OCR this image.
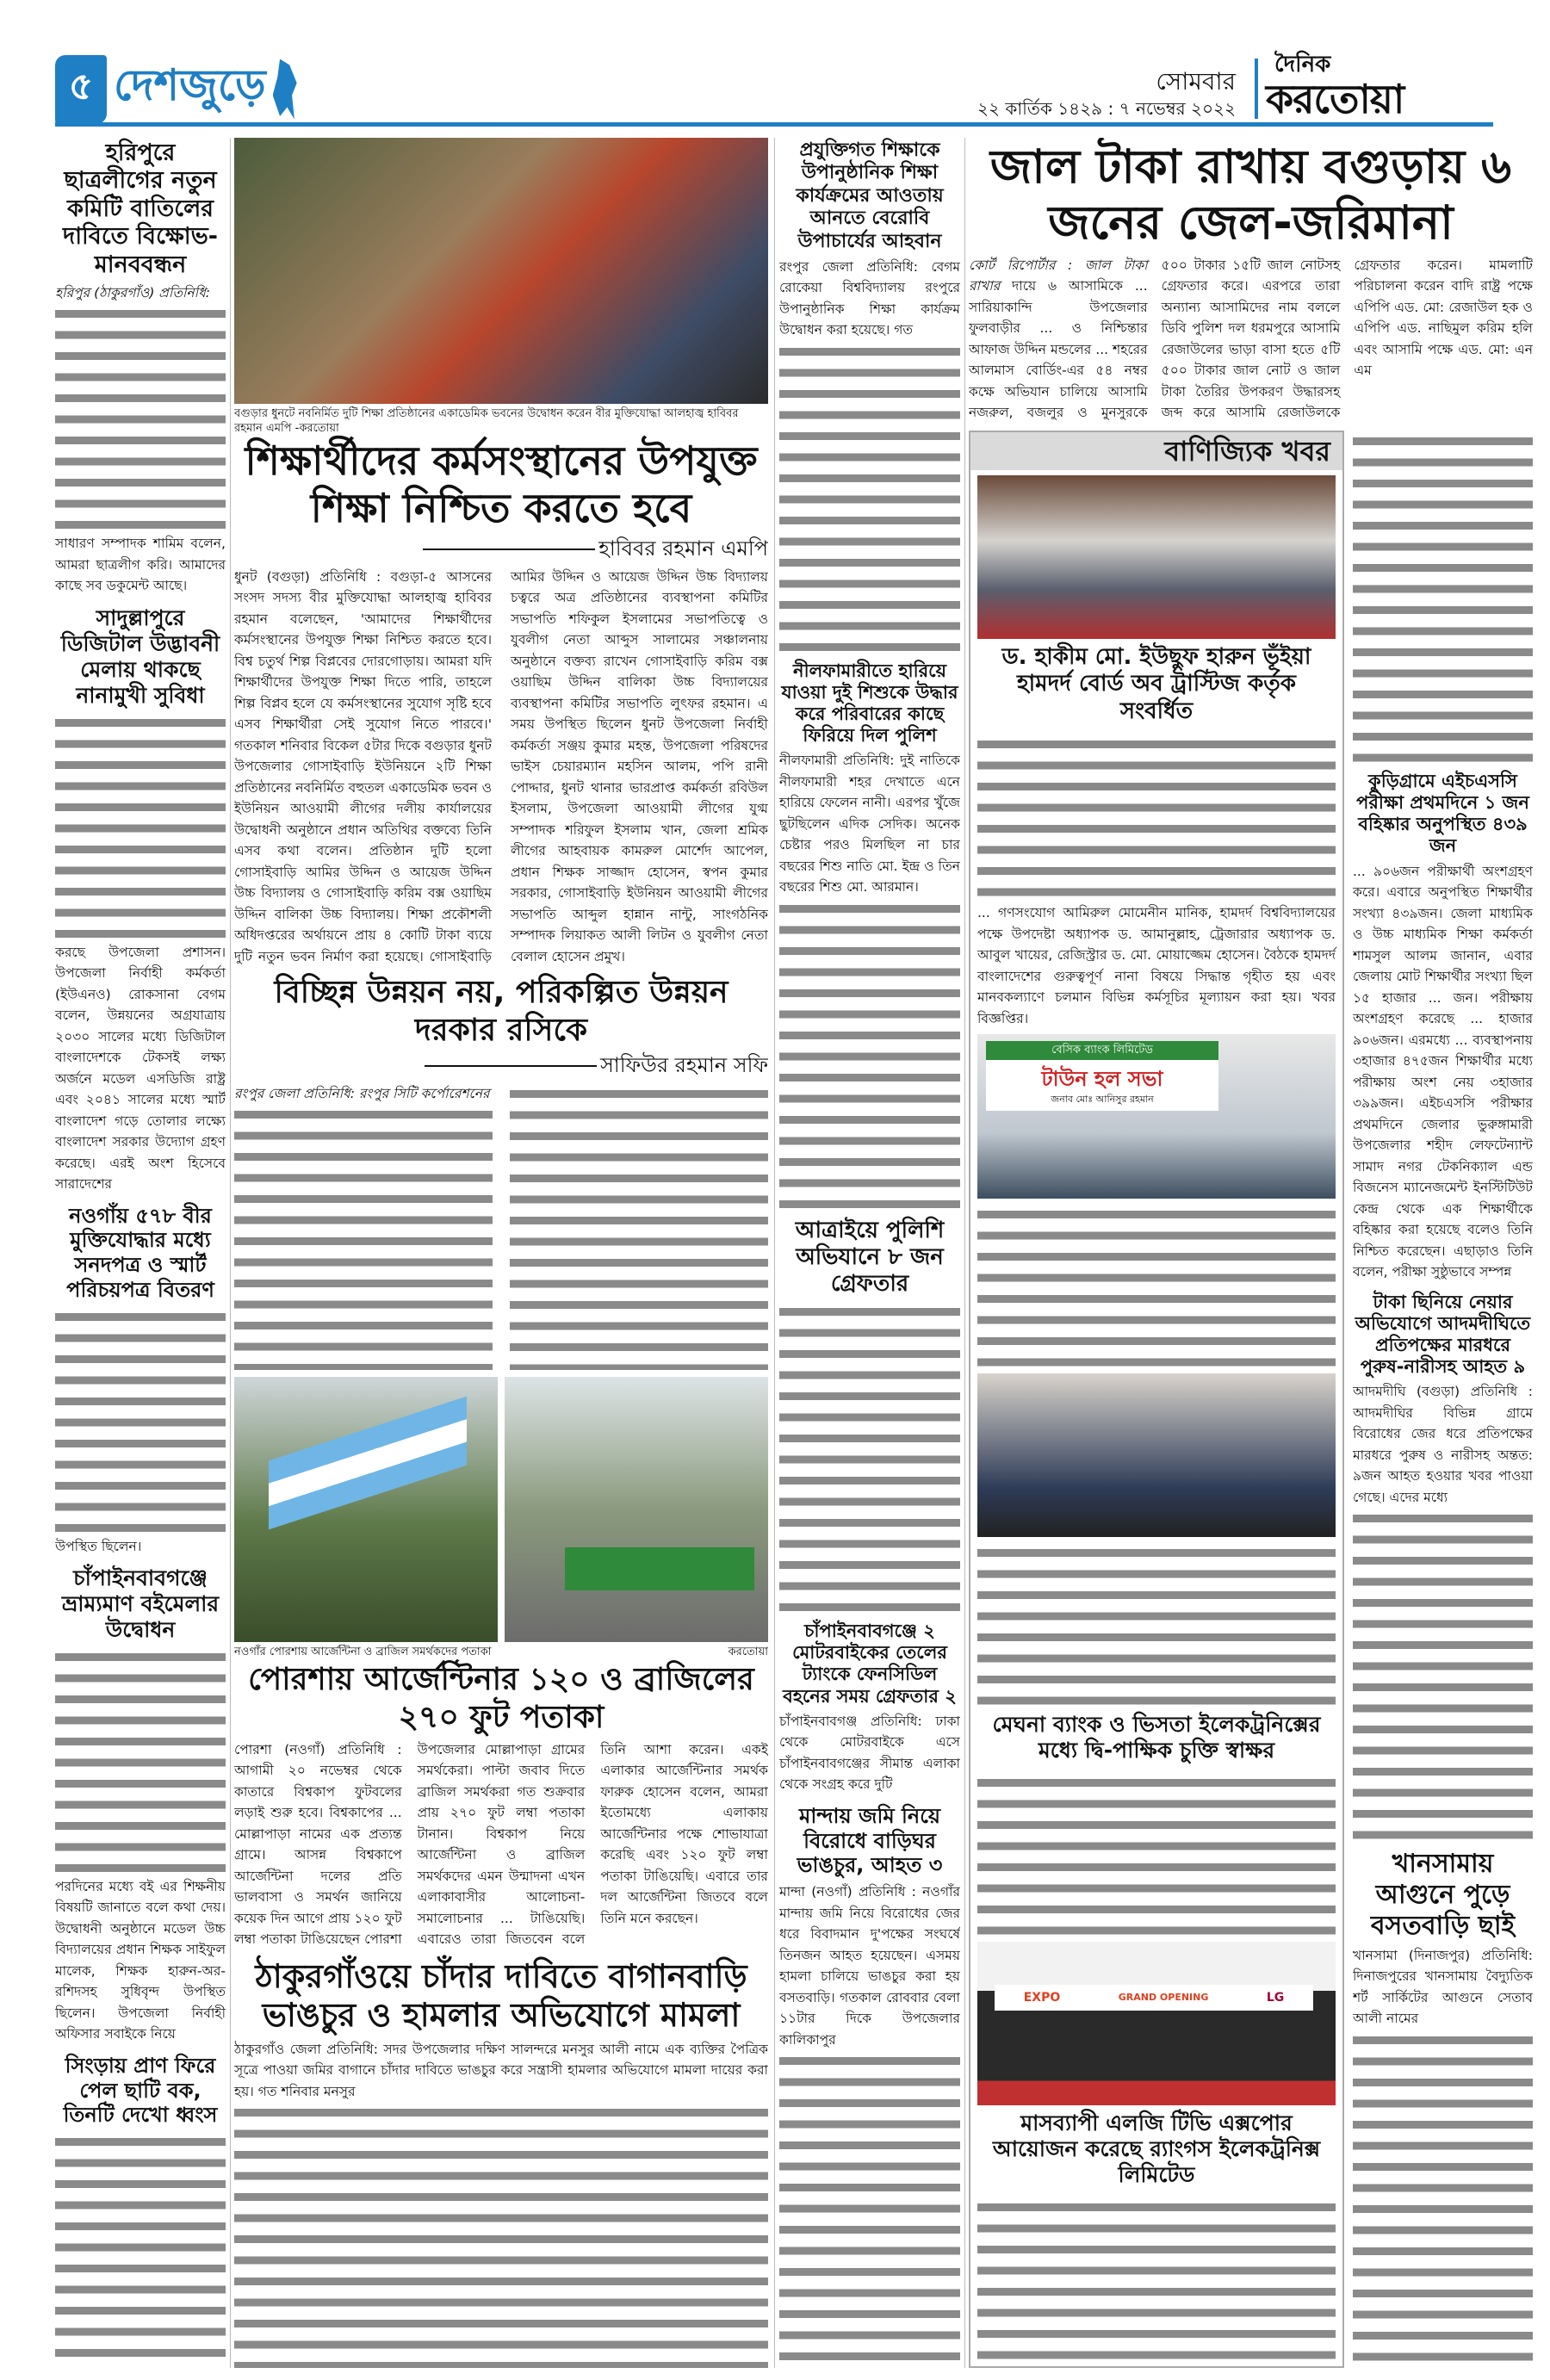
৫ দেশজুড়ে	সোমবার
২২ কার্তিক ১৪২৯ : ৭ নভেম্বর ২০২২
দৈনিক
করতোয়া
হরিপুরে ছাত্রলীগের নতুন কমিটি বাতিলের দাবিতে বিক্ষোভ-মানববন্ধন
হরিপুর (ঠাকুরগাঁও) প্রতিনিধি:
সাধারণ সম্পাদক শামিম বলেন, আমরা ছাত্রলীগ করি। আমাদের কাছে সব ডকুমেন্ট আছে।
সাদুল্লাপুরে ডিজিটাল উদ্ভাবনী মেলায় থাকছে নানামুখী সুবিধা
করছে উপজেলা প্রশাসন। উপজেলা নির্বাহী কর্মকর্তা (ইউএনও) রোকসানা বেগম বলেন, উন্নয়নের অগ্রযাত্রায় ২০৩০ সালের মধ্যে ডিজিটাল বাংলাদেশকে টেকসই লক্ষ্য অর্জনে মডেল এসডিজি রাষ্ট্র এবং ২০৪১ সালের মধ্যে স্মার্ট বাংলাদেশ গড়ে তোলার লক্ষ্যে বাংলাদেশ সরকার উদ্যোগ গ্রহণ করেছে। এরই অংশ হিসেবে সারাদেশের
নওগাঁয় ৫৭৮ বীর মুক্তিযোদ্ধার মধ্যে সনদপত্র ও স্মার্ট পরিচয়পত্র বিতরণ
উপস্থিত ছিলেন।
চাঁপাইনবাবগঞ্জে ভ্রাম্যমাণ বইমেলার উদ্বোধন
পরদিনের মধ্যে বই এর শিক্ষনীয় বিষয়টি জানাতে বলে কথা দেয়। উদ্বোধনী অনুষ্ঠানে মডেল উচ্চ বিদ্যালয়ের প্রধান শিক্ষক সাইফুল মালেক, শিক্ষক হারুন-অর-রশিদসহ সুধিবৃন্দ উপস্থিত ছিলেন। উপজেলা নির্বাহী অফিসার সবাইকে নিয়ে
সিংড়ায় প্রাণ ফিরে পেল ছাটি বক, তিনটি দেখো ধ্বংস
বগুড়ার ধুনটে নবনির্মিত দুটি শিক্ষা প্রতিষ্ঠানের একাডেমিক ভবনের উদ্বোধন করেন বীর মুক্তিযোদ্ধা আলহাজ্ব হাবিবর রহমান এমপি -করতোয়া
শিক্ষার্থীদের কর্মসংস্থানের উপযুক্ত শিক্ষা নিশ্চিত করতে হবে
হাবিবর রহমান এমপি
ধুনট (বগুড়া) প্রতিনিধি : বগুড়া-৫ আসনের সংসদ সদস্য বীর মুক্তিযোদ্ধা আলহাজ্ব হাবিবর রহমান বলেছেন, 'আমাদের শিক্ষার্থীদের কর্মসংস্থানের উপযুক্ত শিক্ষা নিশ্চিত করতে হবে। বিশ্ব চতুর্থ শিল্প বিপ্লবের দোরগোড়ায়। আমরা যদি শিক্ষার্থীদের উপযুক্ত শিক্ষা দিতে পারি, তাহলে শিল্প বিপ্লব হলে যে কর্মসংস্থানের সুযোগ সৃষ্টি হবে এসব শিক্ষার্থীরা সেই সুযোগ নিতে পারবে।' গতকাল শনিবার বিকেল ৫টার দিকে বগুড়ার ধুনট উপজেলার গোসাইবাড়ি ইউনিয়নে ২টি শিক্ষা প্রতিষ্ঠানের নবনির্মিত বহুতল একাডেমিক ভবন ও ইউনিয়ন আওয়ামী লীগের দলীয় কার্যালয়ের উদ্বোধনী অনুষ্ঠানে প্রধান অতিথির বক্তব্যে তিনি এসব কথা বলেন। প্রতিষ্ঠান দুটি হলো গোসাইবাড়ি আমির উদ্দিন ও আয়েজ উদ্দিন উচ্চ বিদ্যালয় ও গোসাইবাড়ি করিম বক্স ওয়াছিম উদ্দিন বালিকা উচ্চ বিদ্যালয়। শিক্ষা প্রকৌশলী অধিদপ্তরের অর্থায়নে প্রায় ৪ কোটি টাকা ব্যয়ে দুটি নতুন ভবন নির্মাণ করা হয়েছে। গোসাইবাড়ি আমির উদ্দিন ও আয়েজ উদ্দিন উচ্চ বিদ্যালয় চত্বরে অত্র প্রতিষ্ঠানের ব্যবস্থাপনা কমিটির সভাপতি শফিকুল ইসলামের সভাপতিত্বে ও যুবলীগ নেতা আব্দুস সালামের সঞ্চালনায় অনুষ্ঠানে বক্তব্য রাখেন গোসাইবাড়ি করিম বক্স ওয়াছিম উদ্দিন বালিকা উচ্চ বিদ্যালয়ের ব্যবস্থাপনা কমিটির সভাপতি লুৎফর রহমান। এ সময় উপস্থিত ছিলেন ধুনট উপজেলা নির্বাহী কর্মকর্তা সঞ্জয় কুমার মহন্ত, উপজেলা পরিষদের ভাইস চেয়ারম্যান মহসিন আলম, পপি রানী পোদ্দার, ধুনট থানার ভারপ্রাপ্ত কর্মকর্তা রবিউল ইসলাম, উপজেলা আওয়ামী লীগের যুগ্ম সম্পাদক শরিফুল ইসলাম খান, জেলা শ্রমিক লীগের আহবায়ক কামরুল মোর্শেদ আপেল, প্রধান শিক্ষক সাজ্জাদ হোসেন, স্বপন কুমার সরকার, গোসাইবাড়ি ইউনিয়ন আওয়ামী লীগের সভাপতি আব্দুল হান্নান নান্টু, সাংগঠনিক সম্পাদক লিয়াকত আলী লিটন ও যুবলীগ নেতা বেলাল হোসেন প্রমুখ।
বিচ্ছিন্ন উন্নয়ন নয়, পরিকল্পিত উন্নয়ন দরকার রসিকে
সাফিউর রহমান সফি
রংপুর জেলা প্রতিনিধি: রংপুর সিটি কর্পোরেশনের
নওগাঁর পোরশায় আর্জেন্টিনা ও ব্রাজিল সমর্থকদের পতাকা	করতোয়া
পোরশায় আর্জেন্টিনার ১২০ ও ব্রাজিলের ২৭০ ফুট পতাকা
পোরশা (নওগাঁ) প্রতিনিধি : আগামী ২০ নভেম্বর থেকে কাতারে বিশ্বকাপ ফুটবলের লড়াই শুরু হবে। বিশ্বকাপের ... মোল্লাপাড়া নামের এক প্রত্যন্ত গ্রামে। আসন্ন বিশ্বকাপে আর্জেন্টিনা দলের প্রতি ভালবাসা ও সমর্থন জানিয়ে কয়েক দিন আগে প্রায় ১২০ ফুট লম্বা পতাকা টাঙিয়েছেন পোরশা উপজেলার মোল্লাপাড়া গ্রামের সমর্থকেরা। পাল্টা জবাব দিতে ব্রাজিল সমর্থকরা গত শুক্রবার প্রায় ২৭০ ফুট লম্বা পতাকা টানান। বিশ্বকাপ নিয়ে আর্জেন্টিনা ও ব্রাজিল সমর্থকদের এমন উন্মাদনা এখন এলাকাবাসীর আলোচনা-সমালোচনার ... টাঙিয়েছি। এবারেও তারা জিতবেন বলে তিনি আশা করেন। একই এলাকার আর্জেন্টিনার সমর্থক ফারুক হোসেন বলেন, আমরা ইতোমধ্যে এলাকায় আর্জেন্টিনার পক্ষে শোভাযাত্রা করেছি এবং ১২০ ফুট লম্বা পতাকা টাঙিয়েছি। এবারে তার দল আর্জেন্টিনা জিতবে বলে তিনি মনে করছেন।
ঠাকুরগাঁওয়ে চাঁদার দাবিতে বাগানবাড়ি ভাঙচুর ও হামলার অভিযোগে মামলা
ঠাকুরগাঁও জেলা প্রতিনিধি: সদর উপজেলার দক্ষিণ সালন্দরে মনসুর আলী নামে এক ব্যক্তির পৈত্রিক সূত্রে পাওয়া জমির বাগানে চাঁদার দাবিতে ভাঙচুর করে সন্ত্রাসী হামলার অভিযোগে মামলা দায়ের করা হয়। গত শনিবার মনসুর
প্রযুক্তিগত শিক্ষাকে উপানুষ্ঠানিক শিক্ষা কার্যক্রমের আওতায় আনতে বেরোবি উপাচার্যের আহবান
রংপুর জেলা প্রতিনিধি: বেগম রোকেয়া বিশ্ববিদ্যালয় রংপুরে উপানুষ্ঠানিক শিক্ষা কার্যক্রম উদ্বোধন করা হয়েছে। গত
নীলফামারীতে হারিয়ে যাওয়া দুই শিশুকে উদ্ধার করে পরিবারের কাছে ফিরিয়ে দিল পুলিশ
নীলফামারী প্রতিনিধি: দুই নাতিকে নীলফামারী শহর দেখাতে এনে হারিয়ে ফেলেন নানী। এরপর খুঁজে ছুটছিলেন এদিক সেদিক। অনেক চেষ্টার পরও মিলছিল না চার বছরের শিশু নাতি মো. ইন্দ্র ও তিন বছরের শিশু মো. আরমান।
আত্রাইয়ে পুলিশি অভিযানে ৮ জন গ্রেফতার
চাঁপাইনবাবগঞ্জে ২ মোটরবাইকের তেলের ট্যাংকে ফেনসিডিল বহনের সময় গ্রেফতার ২
চাঁপাইনবাবগঞ্জ প্রতিনিধি: ঢাকা থেকে মোটরবাইকে এসে চাঁপাইনবাবগঞ্জের সীমান্ত এলাকা থেকে সংগ্রহ করে দুটি
মান্দায় জমি নিয়ে বিরোধে বাড়িঘর ভাঙচুর, আহত ৩
মান্দা (নওগাঁ) প্রতিনিধি : নওগাঁর মান্দায় জমি নিয়ে বিরোধের জের ধরে বিবাদমান দু'পক্ষের সংঘর্ষে তিনজন আহত হয়েছেন। এসময় হামলা চালিয়ে ভাঙচুর করা হয় বসতবাড়ি। গতকাল রোববার বেলা ১১টার দিকে উপজেলার কালিকাপুর
জাল টাকা রাখায় বগুড়ায় ৬ জনের জেল-জরিমানা
কোর্ট রিপোর্টার : জাল টাকা রাখার দায়ে ৬ আসামিকে ... সারিয়াকান্দি উপজেলার ফুলবাড়ীর ... ও নিশ্চিন্তার আফাজ উদ্দিন মন্ডলের ... শহরের আলমাস বোর্ডিং-এর ৫৪ নম্বর কক্ষে অভিযান চালিয়ে আসামি নজরুল, বজলুর ও মুনসুরকে ৫০০ টাকার ১৫টি জাল নোটসহ গ্রেফতার করে। এরপরে তারা অন্যান্য আসামিদের নাম বললে ডিবি পুলিশ দল ধরমপুরে আসামি রেজাউলের ভাড়া বাসা হতে ৫টি ৫০০ টাকার জাল নোট ও জাল টাকা তৈরির উপকরণ উদ্ধারসহ জব্দ করে আসামি রেজাউলকে গ্রেফতার করেন। মামলাটি পরিচালনা করেন বাদি রাষ্ট্র পক্ষে এপিপি এড. মো: রেজাউল হক ও এপিপি এড. নাছিমুল করিম হলি এবং আসামি পক্ষে এড. মো: এন এম
বাণিজ্যিক খবর
ড. হাকীম মো. ইউছুফ হারুন ভূঁইয়া হামদর্দ বোর্ড অব ট্রাস্টিজ কর্তৃক সংবর্ধিত
... গণসংযোগ আমিরুল মোমেনীন মানিক, হামদর্দ বিশ্ববিদ্যালয়ের পক্ষে উপদেষ্টা অধ্যাপক ড. আমানুল্লাহ, ট্রেজারার অধ্যাপক ড. আবুল খায়ের, রেজিস্ট্রার ড. মো. মোয়াজ্জেম হোসেন। বৈঠকে হামদর্দ বাংলাদেশের গুরুত্বপূর্ণ নানা বিষয়ে সিদ্ধান্ত গৃহীত হয় এবং মানবকল্যাণে চলমান বিভিন্ন কর্মসূচির মূল্যায়ন করা হয়। খবর বিজ্ঞপ্তির।
বেসিক ব্যাংক লিমিটেড
টাউন হল সভা
জনাব মোঃ আনিসুর রহমান
মেঘনা ব্যাংক ও ভিসতা ইলেকট্রনিক্সের মধ্যে দ্বি-পাক্ষিক চুক্তি স্বাক্ষর
EXPO	GRAND OPENING	LG
মাসব্যাপী এলজি টিভি এক্সপোর আয়োজন করেছে র‍্যাংগস ইলেকট্রনিক্স লিমিটেড
কুড়িগ্রামে এইচএসসি পরীক্ষা প্রথমদিনে ১ জন বহিষ্কার অনুপস্থিত ৪৩৯ জন
... ৯০৬জন পরীক্ষার্থী অংশগ্রহণ করে। এবারে অনুপস্থিত শিক্ষার্থীর সংখ্যা ৪৩৯জন। জেলা মাধ্যমিক ও উচ্চ মাধ্যমিক শিক্ষা কর্মকর্তা শামসুল আলম জানান, এবার জেলায় মোট শিক্ষার্থীর সংখ্যা ছিল ১৫ হাজার ... জন। পরীক্ষায় অংশগ্রহণ করেছে ... হাজার ৯০৬জন। এরমধ্যে ... ব্যবস্থাপনায় ৩হাজার ৪৭৫জন শিক্ষার্থীর মধ্যে পরীক্ষায় অংশ নেয় ৩হাজার ৩৯৯জন। এইচএসসি পরীক্ষার প্রথমদিনে জেলার ভুরুঙ্গামারী উপজেলার শহীদ লেফটেন্যান্ট সামাদ নগর টেকনিক্যাল এন্ড বিজনেস ম্যানেজমেন্ট ইনস্টিটিউট কেন্দ্র থেকে এক শিক্ষার্থীকে বহিষ্কার করা হয়েছে বলেও তিনি নিশ্চিত করেছেন। এছাড়াও তিনি বলেন, পরীক্ষা সুষ্ঠুভাবে সম্পন্ন
টাকা ছিনিয়ে নেয়ার অভিযোগে আদমদীঘিতে প্রতিপক্ষের মারধরে পুরুষ-নারীসহ আহত ৯
আদমদীঘি (বগুড়া) প্রতিনিধি : আদমদীঘির বিভিন্ন গ্রামে বিরোধের জের ধরে প্রতিপক্ষের মারধরে পুরুষ ও নারীসহ অন্তত: ৯জন আহত হওয়ার খবর পাওয়া গেছে। এদের মধ্যে
খানসামায় আগুনে পুড়ে বসতবাড়ি ছাই
খানসামা (দিনাজপুর) প্রতিনিধি: দিনাজপুরের খানসামায় বৈদ্যুতিক শর্ট সার্কিটের আগুনে সেতাব আলী নামের
